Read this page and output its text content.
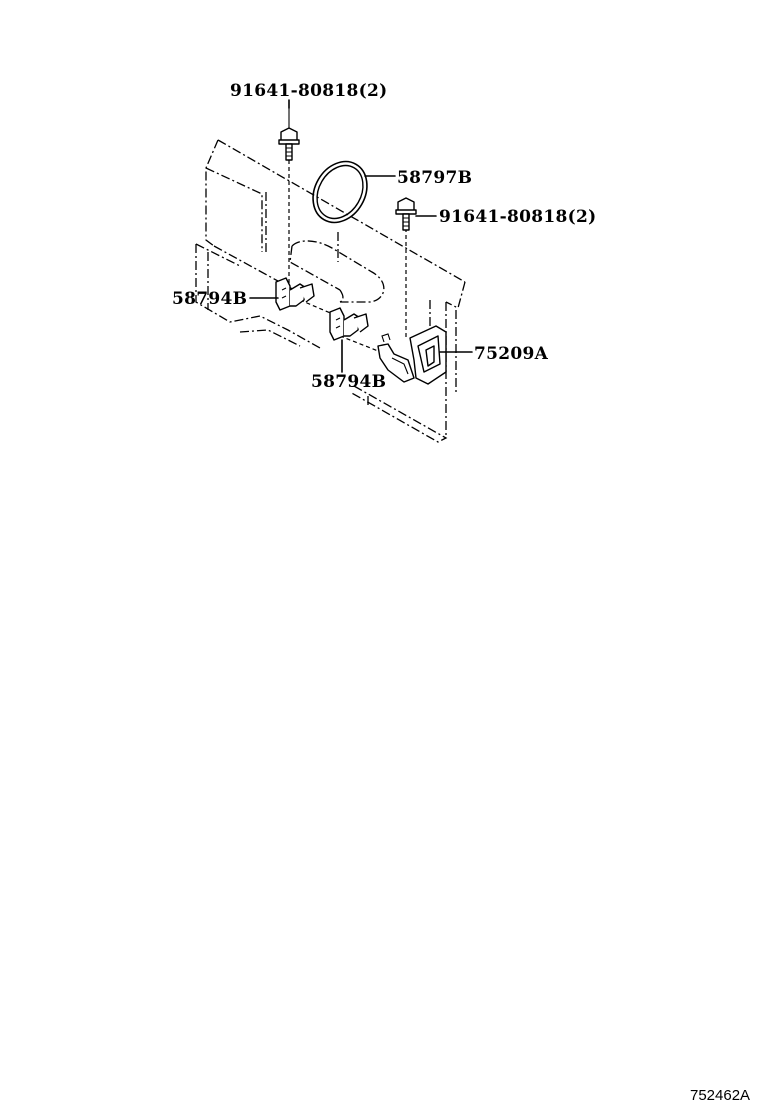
91641-80818(2)
58797B
91641-80818(2)
58794B
58794B
75209A
752462A
